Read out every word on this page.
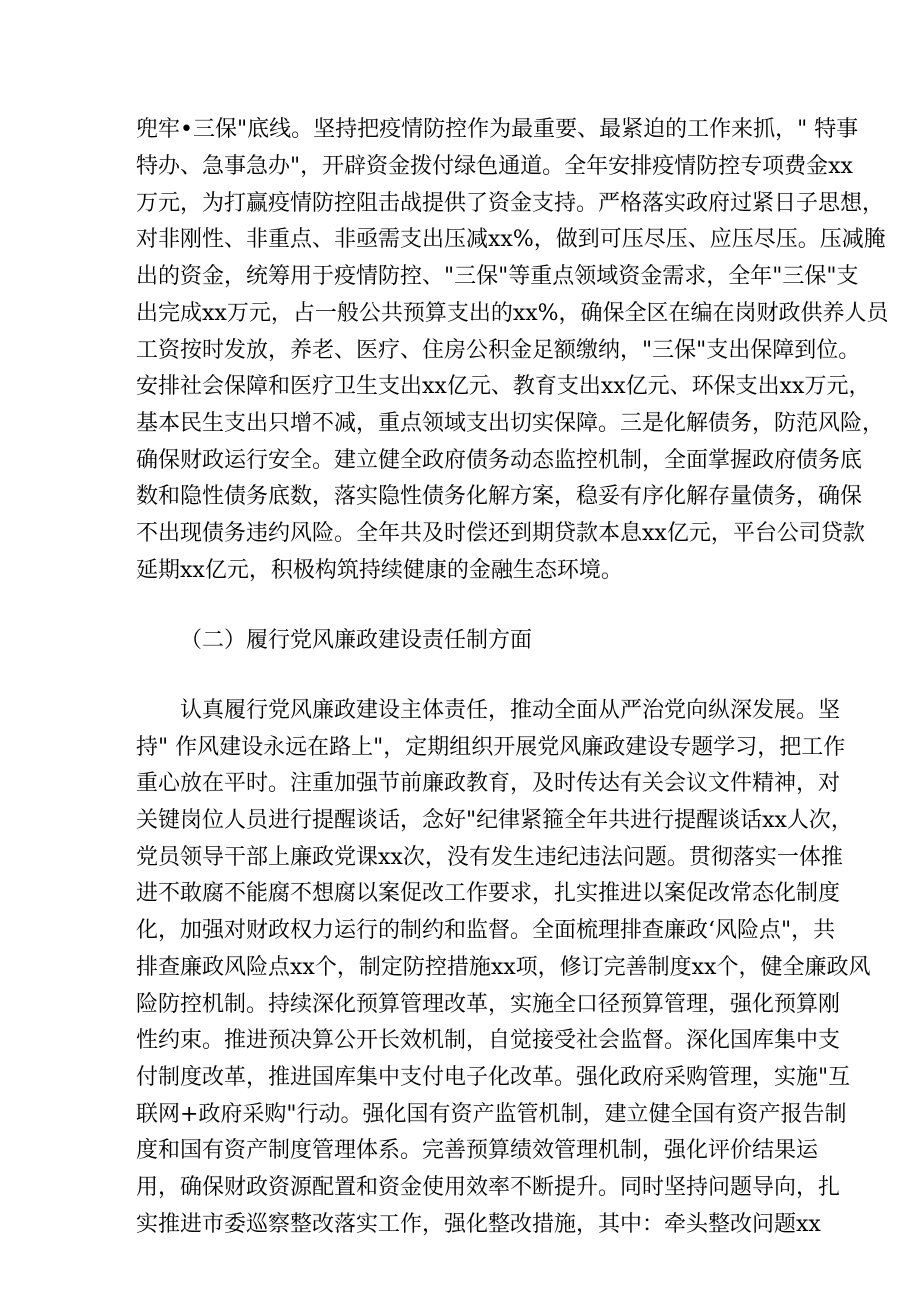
兜牢•三保"底线。坚持把疫情防控作为最重要、最紧迫的工作来抓，" 特事
特办、急事急办"，开辟资金拨付绿色通道。全年安排疫情防控专项费金xx
万元，为打赢疫情防控阻击战提供了资金支持。严格落实政府过紧日子思想，
对非刚性、非重点、非亟需支出压减xx%，做到可压尽压、应压尽压。压减腌
出的资金，统筹用于疫情防控、"三保"等重点领域资金需求，全年"三保"支
出完成xx万元，占一般公共预算支出的xx%，确保全区在编在岗财政供养人员
工资按时发放，养老、医疗、住房公积金足额缴纳，"三保"支出保障到位。
安排社会保障和医疗卫生支出xx亿元、教育支出xx亿元、环保支出xx万元，
基本民生支出只增不减，重点领域支出切实保障。三是化解债务，防范风险，
确保财政运行安全。建立健全政府债务动态监控机制，全面掌握政府债务底
数和隐性债务底数，落实隐性债务化解方案，稳妥有序化解存量债务，确保
不出现债务违约风险。全年共及时偿还到期贷款本息xx亿元，平台公司贷款
延期xx亿元，积极构筑持续健康的金融生态环境。
（二）履行党风廉政建设责任制方面
认真履行党风廉政建设主体责任，推动全面从严治党向纵深发展。坚
持" 作风建设永远在路上"，定期组织开展党风廉政建设专题学习，把工作
重心放在平时。注重加强节前廉政教育，及时传达有关会议文件精神，对
关键岗位人员进行提醒谈话，念好"纪律紧箍全年共进行提醒谈话xx人次，
党员领导干部上廉政党课xx次，没有发生违纪违法问题。贯彻落实一体推
进不敢腐不能腐不想腐以案促改工作要求，扎实推进以案促改常态化制度
化，加强对财政权力运行的制约和监督。全面梳理排查廉政‘风险点"，共
排查廉政风险点xx个，制定防控措施xx项，修订完善制度xx个，健全廉政风
险防控机制。持续深化预算管理改革，实施全口径预算管理，强化预算刚
性约束。推进预决算公开长效机制，自觉接受社会监督。深化国库集中支
付制度改革，推进国库集中支付电子化改革。强化政府采购管理，实施"互
联网+政府采购"行动。强化国有资产监管机制，建立健全国有资产报告制
度和国有资产制度管理体系。完善预算绩效管理机制，强化评价结果运
用，确保财政资源配置和资金使用效率不断提升。同时坚持问题导向，扎
实推进市委巡察整改落实工作，强化整改措施，其中：牵头整改问题xx
